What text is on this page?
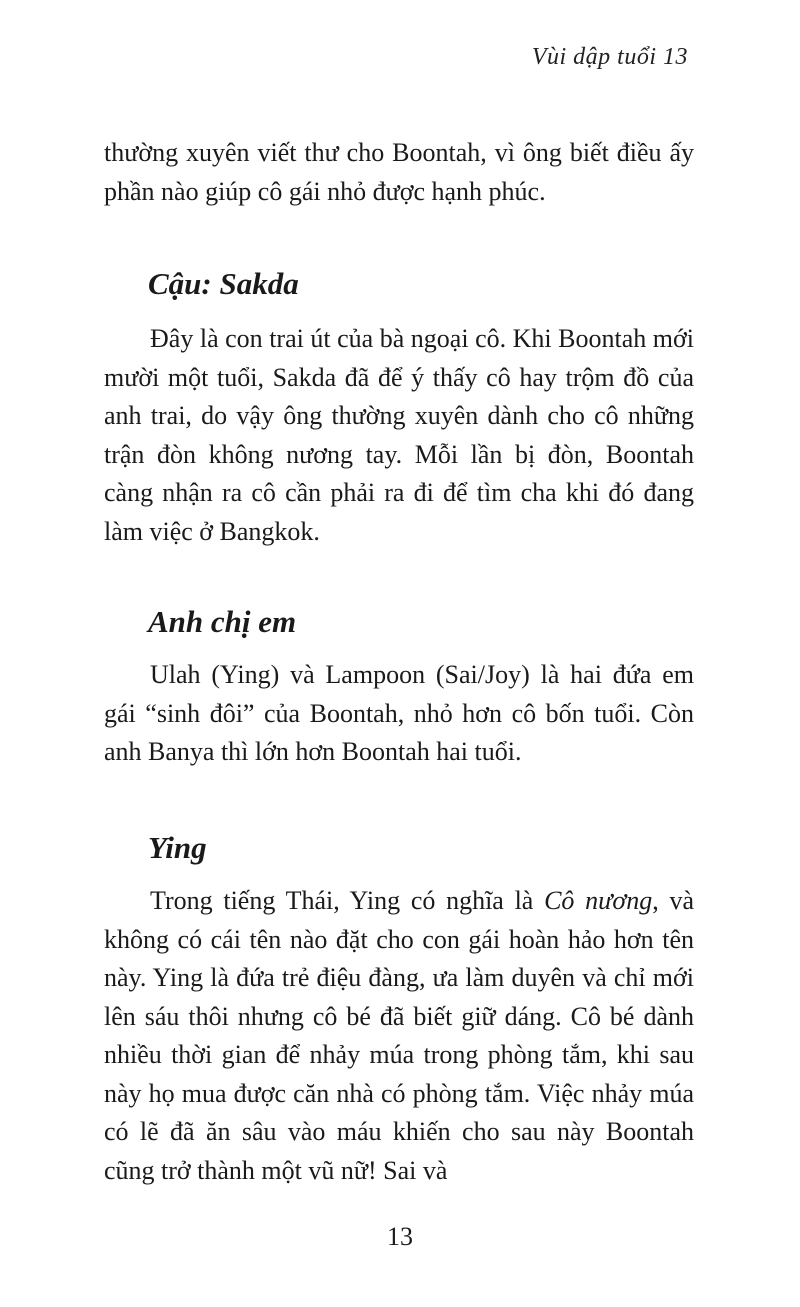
Vùi dập tuổi 13

thường xuyên viết thư cho Boontah, vì ông biết điều ấy phần nào giúp cô gái nhỏ được hạnh phúc.

Cậu: Sakda

Đây là con trai út của bà ngoại cô. Khi Boontah mới mười một tuổi, Sakda đã để ý thấy cô hay trộm đồ của anh trai, do vậy ông thường xuyên dành cho cô những trận đòn không nương tay. Mỗi lần bị đòn, Boontah càng nhận ra cô cần phải ra đi để tìm cha khi đó đang làm việc ở Bangkok.

Anh chị em

Ulah (Ying) và Lampoon (Sai/Joy) là hai đứa em gái “sinh đôi” của Boontah, nhỏ hơn cô bốn tuổi. Còn anh Banya thì lớn hơn Boontah hai tuổi.

Ying

Trong tiếng Thái, Ying có nghĩa là Cô nương, và không có cái tên nào đặt cho con gái hoàn hảo hơn tên này. Ying là đứa trẻ điệu đàng, ưa làm duyên và chỉ mới lên sáu thôi nhưng cô bé đã biết giữ dáng. Cô bé dành nhiều thời gian để nhảy múa trong phòng tắm, khi sau này họ mua được căn nhà có phòng tắm. Việc nhảy múa có lẽ đã ăn sâu vào máu khiến cho sau này Boontah cũng trở thành một vũ nữ! Sai và

13
